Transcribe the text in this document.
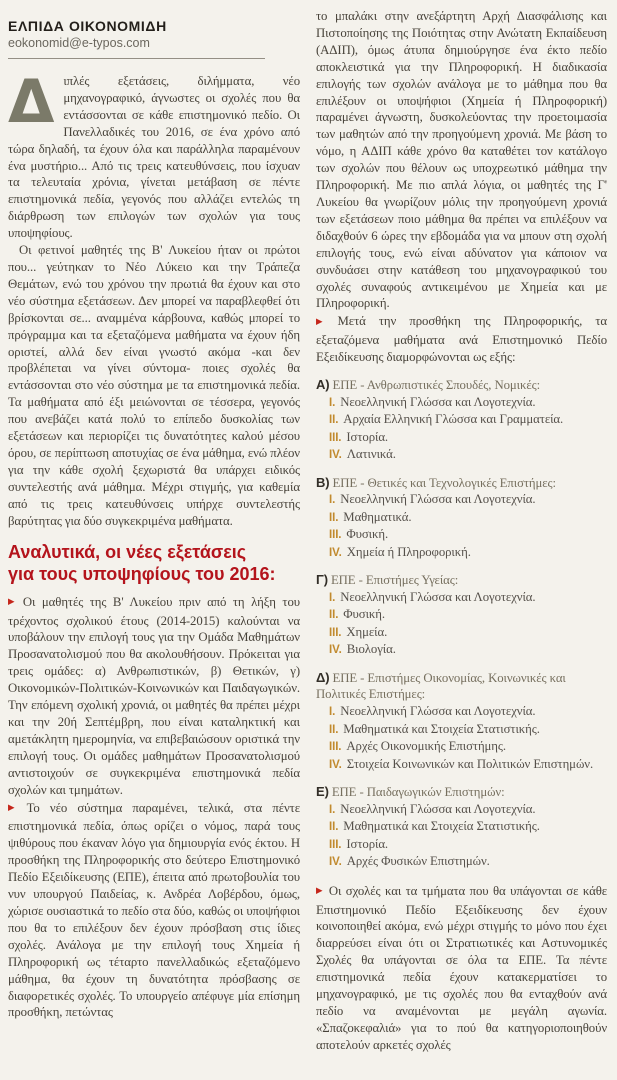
ΕΛΠΙΔΑ ΟΙΚΟΝΟΜΙΔΗ
eokonomid@e-typos.com

Διπλές εξετάσεις, διλήμματα, νέο μηχανογραφικό, άγνωστες οι σχολές που θα εντάσσονται σε κάθε επιστημονικό πεδίο. Οι Πανελλαδικές του 2016, σε ένα χρόνο από τώρα δηλαδή, τα έχουν όλα και παράλληλα παραμένουν ένα μυστήριο... Από τις τρεις κατευθύνσεις, που ίσχυαν τα τελευταία χρόνια, γίνεται μετάβαση σε πέντε επιστημονικά πεδία, γεγονός που αλλάζει εντελώς τη διάρθρωση των επιλογών των σχολών για τους υποψηφίους.

Οι φετινοί μαθητές της Β' Λυκείου ήταν οι πρώτοι που... γεύτηκαν το Νέο Λύκειο και την Τράπεζα Θεμάτων, ενώ του χρόνου την πρωτιά θα έχουν και στο νέο σύστημα εξετάσεων. Δεν μπορεί να παραβλεφθεί ότι βρίσκονται σε... αναμμένα κάρβουνα, καθώς μπορεί το πρόγραμμα και τα εξεταζόμενα μαθήματα να έχουν ήδη οριστεί, αλλά δεν είναι γνωστό ακόμα -και δεν προβλέπεται να γίνει σύντομα- ποιες σχολές θα εντάσσονται στο νέο σύστημα με τα επιστημονικά πεδία. Τα μαθήματα από έξι μειώνονται σε τέσσερα, γεγονός που ανεβάζει κατά πολύ το επίπεδο δυσκολίας των εξετάσεων και περιορίζει τις δυνατότητες καλού μέσου όρου, σε περίπτωση αποτυχίας σε ένα μάθημα, ενώ πλέον για την κάθε σχολή ξεχωριστά θα υπάρχει ειδικός συντελεστής ανά μάθημα. Μέχρι στιγμής, για καθεμία από τις τρεις κατευθύνσεις υπήρχε συντελεστής βαρύτητας για δύο συγκεκριμένα μαθήματα.

Αναλυτικά, οι νέες εξετάσεις
για τους υποψηφίους του 2016:

▶ Οι μαθητές της Β' Λυκείου πριν από τη λήξη του τρέχοντος σχολικού έτους (2014-2015) καλούνται να υποβάλουν την επιλογή τους για την Ομάδα Μαθημάτων Προσανατολισμού που θα ακολουθήσουν. Πρόκειται για τρεις ομάδες: α) Ανθρωπιστικών, β) Θετικών, γ) Οικονομικών-Πολιτικών-Κοινωνικών και Παιδαγωγικών. Την επόμενη σχολική χρονιά, οι μαθητές θα πρέπει μέχρι και την 20ή Σεπτέμβρη, που είναι καταληκτική και αμετάκλητη ημερομηνία, να επιβεβαιώσουν οριστικά την επιλογή τους. Οι ομάδες μαθημάτων Προσανατολισμού αντιστοιχούν σε συγκεκριμένα επιστημονικά πεδία σχολών και τμημάτων.

▶ Το νέο σύστημα παραμένει, τελικά, στα πέντε επιστημονικά πεδία, όπως ορίζει ο νόμος, παρά τους ψιθύρους που έκαναν λόγο για δημιουργία ενός έκτου. Η προσθήκη της Πληροφορικής στο δεύτερο Επιστημονικό Πεδίο Εξειδίκευσης (ΕΠΕ), έπειτα από πρωτοβουλία του νυν υπουργού Παιδείας, κ. Ανδρέα Λοβέρδου, όμως, χώρισε ουσιαστικά το πεδίο στα δύο, καθώς οι υποψήφιοι που θα το επιλέξουν δεν έχουν πρόσβαση στις ίδιες σχολές. Ανάλογα με την επιλογή τους Χημεία ή Πληροφορική ως τέταρτο πανελλαδικώς εξεταζόμενο μάθημα, θα έχουν τη δυνατότητα πρόσβασης σε διαφορετικές σχολές. Το υπουργείο απέφυγε μία επίσημη προσθήκη, πετώντας

το μπαλάκι στην ανεξάρτητη Αρχή Διασφάλισης και Πιστοποίησης της Ποιότητας στην Ανώτατη Εκπαίδευση (ΑΔΙΠ), όμως άτυπα δημιούργησε ένα έκτο πεδίο αποκλειστικά για την Πληροφορική. Η διαδικασία επιλογής των σχολών ανάλογα με το μάθημα που θα επιλέξουν οι υποψήφιοι (Χημεία ή Πληροφορική) παραμένει άγνωστη, δυσκολεύοντας την προετοιμασία των μαθητών από την προηγούμενη χρονιά. Με βάση το νόμο, η ΑΔΙΠ κάθε χρόνο θα καταθέτει τον κατάλογο των σχολών που θέλουν ως υποχρεωτικό μάθημα την Πληροφορική. Με πιο απλά λόγια, οι μαθητές της Γ' Λυκείου θα γνωρίζουν μόλις την προηγούμενη χρονιά των εξετάσεων ποιο μάθημα θα πρέπει να επιλέξουν να διδαχθούν 6 ώρες την εβδομάδα για να μπουν στη σχολή επιλογής τους, ενώ είναι αδύνατον για κάποιον να συνδυάσει στην κατάθεση του μηχανογραφικού του σχολές συναφούς αντικειμένου με Χημεία και με Πληροφορική.

▶ Μετά την προσθήκη της Πληροφορικής, τα εξεταζόμενα μαθήματα ανά Επιστημονικό Πεδίο Εξειδίκευσης διαμορφώνονται ως εξής:

Α) ΕΠΕ - Ανθρωπιστικές Σπουδές, Νομικές:
I. Νεοελληνική Γλώσσα και Λογοτεχνία.
II. Αρχαία Ελληνική Γλώσσα και Γραμματεία.
III. Ιστορία.
IV. Λατινικά.
Β) ΕΠΕ - Θετικές και Τεχνολογικές Επιστήμες:
I. Νεοελληνική Γλώσσα και Λογοτεχνία.
II. Μαθηματικά.
III. Φυσική.
IV. Χημεία ή Πληροφορική.
Γ) ΕΠΕ - Επιστήμες Υγείας:
I. Νεοελληνική Γλώσσα και Λογοτεχνία.
II. Φυσική.
III. Χημεία.
IV. Βιολογία.
Δ) ΕΠΕ - Επιστήμες Οικονομίας, Κοινωνικές και Πολιτικές Επιστήμες:
I. Νεοελληνική Γλώσσα και Λογοτεχνία.
II. Μαθηματικά και Στοιχεία Στατιστικής.
III. Αρχές Οικονομικής Επιστήμης.
IV. Στοιχεία Κοινωνικών και Πολιτικών Επιστημών.
Ε) ΕΠΕ - Παιδαγωγικών Επιστημών:
I. Νεοελληνική Γλώσσα και Λογοτεχνία.
II. Μαθηματικά και Στοιχεία Στατιστικής.
III. Ιστορία.
IV. Αρχές Φυσικών Επιστημών.

▶ Οι σχολές και τα τμήματα που θα υπάγονται σε κάθε Επιστημονικό Πεδίο Εξειδίκευσης δεν έχουν κοινοποιηθεί ακόμα, ενώ μέχρι στιγμής το μόνο που έχει διαρρεύσει είναι ότι οι Στρατιωτικές και Αστυνομικές Σχολές θα υπάγονται σε όλα τα ΕΠΕ. Τα πέντε επιστημονικά πεδία έχουν κατακερματίσει το μηχανογραφικό, με τις σχολές που θα ενταχθούν ανά πεδίο να αναμένονται με μεγάλη αγωνία. «Σπαζοκεφαλιά» για το πού θα κατηγοριοποιηθούν αποτελούν αρκετές σχολές
